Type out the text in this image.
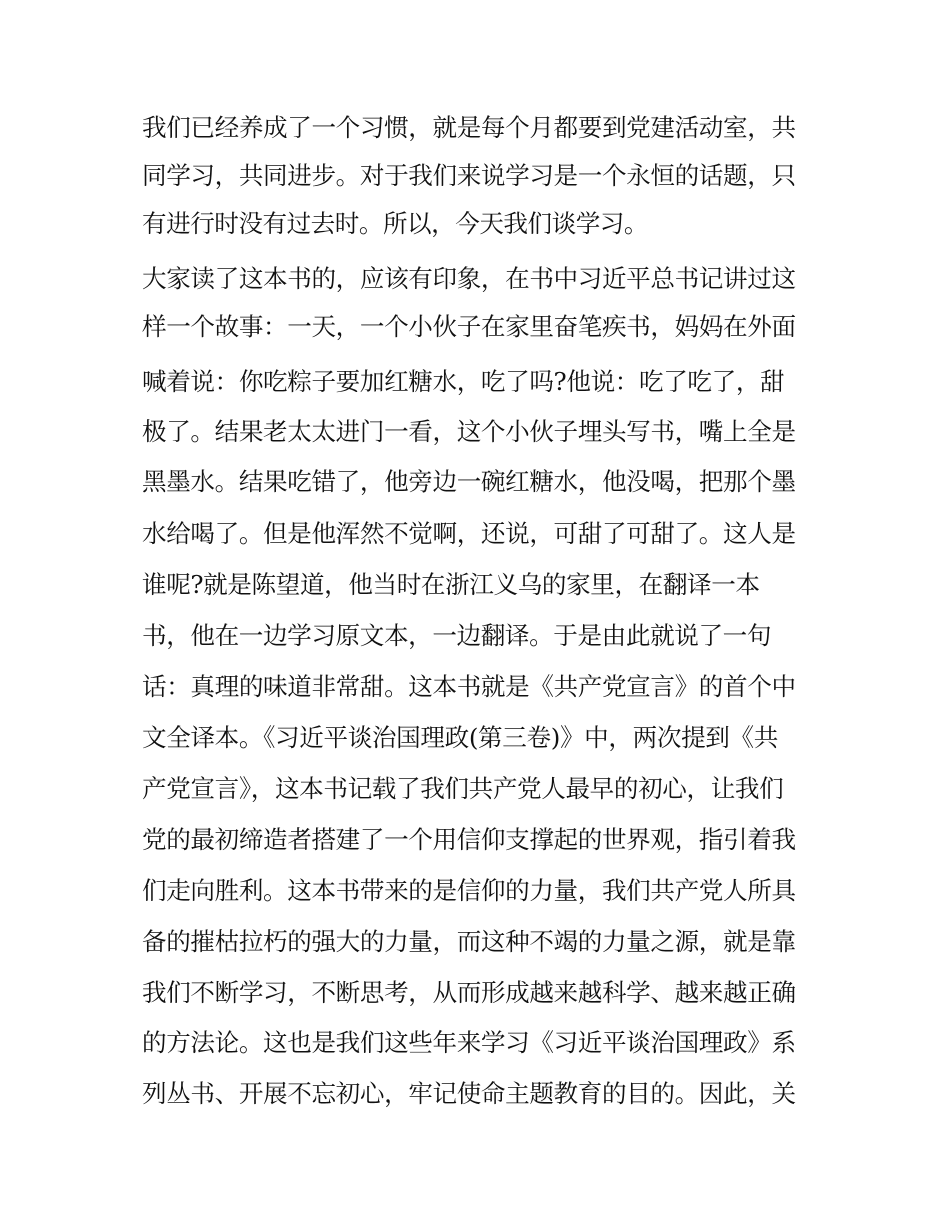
我们已经养成了一个习惯，就是每个月都要到党建活动室，共
同学习，共同进步。对于我们来说学习是一个永恒的话题，只
有进行时没有过去时。所以，今天我们谈学习。
大家读了这本书的，应该有印象，在书中习近平总书记讲过这
样一个故事：一天，一个小伙子在家里奋笔疾书，妈妈在外面
喊着说：你吃粽子要加红糖水，吃了吗?他说：吃了吃了，甜
极了。结果老太太进门一看，这个小伙子埋头写书，嘴上全是
黑墨水。结果吃错了，他旁边一碗红糖水，他没喝，把那个墨
水给喝了。但是他浑然不觉啊，还说，可甜了可甜了。这人是
谁呢?就是陈望道，他当时在浙江义乌的家里，在翻译一本
书，他在一边学习原文本，一边翻译。于是由此就说了一句
话：真理的味道非常甜。这本书就是《共产党宣言》的首个中
文全译本。《习近平谈治国理政(第三卷)》中，两次提到《共
产党宣言》，这本书记载了我们共产党人最早的初心，让我们
党的最初缔造者搭建了一个用信仰支撑起的世界观，指引着我
们走向胜利。这本书带来的是信仰的力量，我们共产党人所具
备的摧枯拉朽的强大的力量，而这种不竭的力量之源，就是靠
我们不断学习，不断思考，从而形成越来越科学、越来越正确
的方法论。这也是我们这些年来学习《习近平谈治国理政》系
列丛书、开展不忘初心，牢记使命主题教育的目的。因此，关
